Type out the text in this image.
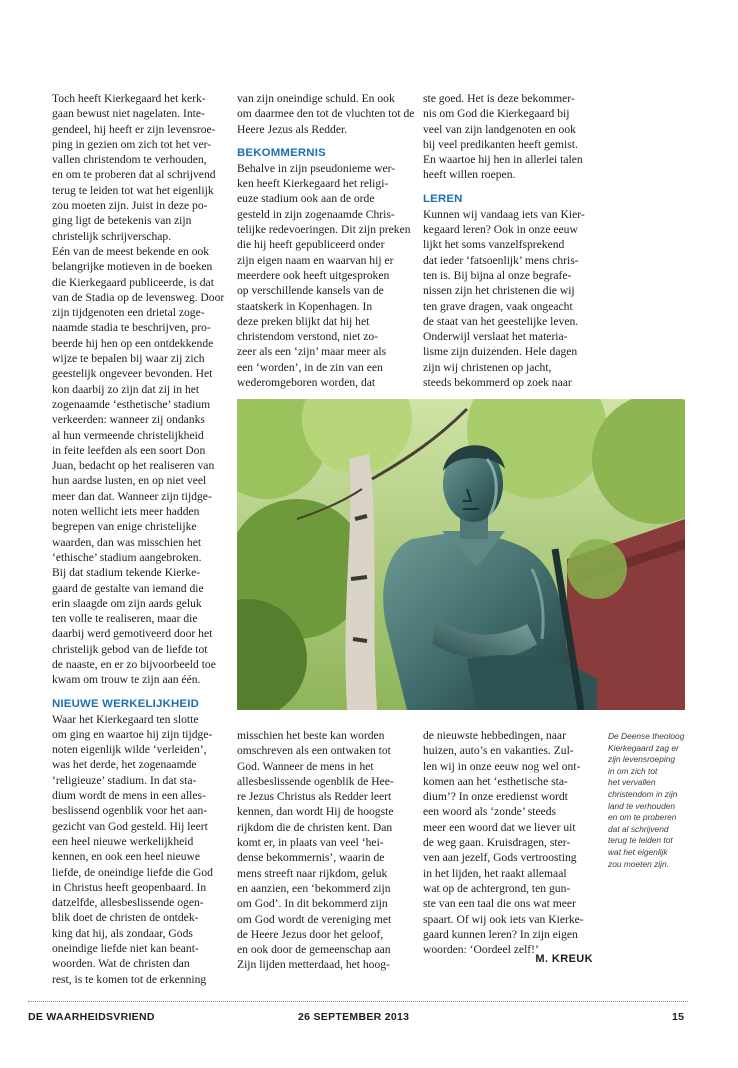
Toch heeft Kierkegaard het kerk-
gaan bewust niet nagelaten. Inte-
gendeel, hij heeft er zijn levensroe-
ping in gezien om zich tot het ver-
vallen christendom te verhouden,
en om te proberen dat al schrijvend
terug te leiden tot wat het eigenlijk
zou moeten zijn. Juist in deze po-
ging ligt de betekenis van zijn
christelijk schrijverschap.
Eén van de meest bekende en ook
belangrijke motieven in de boeken
die Kierkegaard publiceerde, is dat
van de Stadia op de levensweg. Door
zijn tijdgenoten een drietal zoge-
naamde stadia te beschrijven, pro-
beerde hij hen op een ontdekkende
wijze te bepalen bij waar zij zich
geestelijk ongeveer bevonden. Het
kon daarbij zo zijn dat zij in het
zogenaamde ‘esthetische’ stadium
verkeerden: wanneer zij ondanks
al hun vermeende christelijkheid
in feite leefden als een soort Don
Juan, bedacht op het realiseren van
hun aardse lusten, en op niet veel
meer dan dat. Wanneer zijn tijdge-
noten wellicht iets meer hadden
begrepen van enige christelijke
waarden, dan was misschien het
‘ethische’ stadium aangebroken.
Bij dat stadium tekende Kierke-
gaard de gestalte van iemand die
erin slaagde om zijn aards geluk
ten volle te realiseren, maar die
daarbij werd gemotiveerd door het
christelijk gebod van de liefde tot
de naaste, en er zo bijvoorbeeld toe
kwam om trouw te zijn aan één.

NIEUWE WERKELIJKHEID

Waar het Kierkegaard ten slotte
om ging en waartoe hij zijn tijdge-
noten eigenlijk wilde ‘verleiden’,
was het derde, het zogenaamde
‘religieuze’ stadium. In dat sta-
dium wordt de mens in een alles-
beslissend ogenblik voor het aan-
gezicht van God gesteld. Hij leert
een heel nieuwe werkelijkheid
kennen, en ook een heel nieuwe
liefde, de oneindige liefde die God
in Christus heeft geopenbaard. In
datzelfde, allesbeslissende ogen-
blik doet de christen de ontdek-
king dat hij, als zondaar, Gods
oneindige liefde niet kan beant-
woorden. Wat de christen dan
rest, is te komen tot de erkenning

van zijn oneindige schuld. En ook
om daarmee den tot de vluchten tot de
Heere Jezus als Redder.

BEKOMMERNIS

Behalve in zijn pseudonieme wer-
ken heeft Kierkegaard het religi-
euze stadium ook aan de orde
gesteld in zijn zogenaamde Chris-
telijke redevoeringen. Dit zijn preken
die hij heeft gepubliceerd onder
zijn eigen naam en waarvan hij er
meerdere ook heeft uitgesproken
op verschillende kansels van de
staatskerk in Kopenhagen. In
deze preken blijkt dat hij het
christendom verstond, niet zo-
zeer als een ‘zijn’ maar meer als
een ‘worden’, in de zin van een
wederomgeboren worden, dat

ste goed. Het is deze bekommer-
nis om God die Kierkegaard bij
veel van zijn landgenoten en ook
bij veel predikanten heeft gemist.
En waartoe hij hen in allerlei talen
heeft willen roepen.

LEREN

Kunnen wij vandaag iets van Kier-
kegaard leren? Ook in onze eeuw
lijkt het soms vanzelfsprekend
dat ieder ‘fatsoenlijk’ mens chris-
ten is. Bij bijna al onze begrafe-
nissen zijn het christenen die wij
ten grave dragen, vaak ongeacht
de staat van het geestelijke leven.
Onderwijl verslaat het materia-
lisme zijn duizenden. Hele dagen
zijn wij christenen op jacht,
steeds bekommerd op zoek naar

misschien het beste kan worden
omschreven als een ontwaken tot
God. Wanneer de mens in het
allesbeslissende ogenblik de Hee-
re Jezus Christus als Redder leert
kennen, dan wordt Hij de hoogste
rijkdom die de christen kent. Dan
komt er, in plaats van veel ‘hei-
dense bekommernis’, waarin de
mens streeft naar rijkdom, geluk
en aanzien, een ‘bekommerd zijn
om God’. In dit bekommerd zijn
om God wordt de vereniging met
de Heere Jezus door het geloof,
en ook door de gemeenschap aan
Zijn lijden metterdaad, het hoog-

de nieuwste hebbedingen, naar
huizen, auto’s en vakanties. Zul-
len wij in onze eeuw nog wel ont-
komen aan het ‘esthetische sta-
dium’? In onze eredienst wordt
een woord als ‘zonde’ steeds
meer een woord dat we liever uit
de weg gaan. Kruisdragen, ster-
ven aan jezelf, Gods vertroosting
in het lijden, het raakt allemaal
wat op de achtergrond, ten gun-
ste van een taal die ons wat meer
spaart. Of wij ook iets van Kierke-
gaard kunnen leren? In zijn eigen
woorden: ‘Oordeel zelf!’

M. KREUK
De Deense theoloog
Kierkegaard zag er
zijn levensroeping
in om zich tot
het vervallen
christendom in zijn
land te verhouden
en om te proberen
dat al schrijvend
terug te leiden tot
wat het eigenlijk
zou moeten zijn.
DE WAARHEIDSVRIEND	26 SEPTEMBER 2013	15
